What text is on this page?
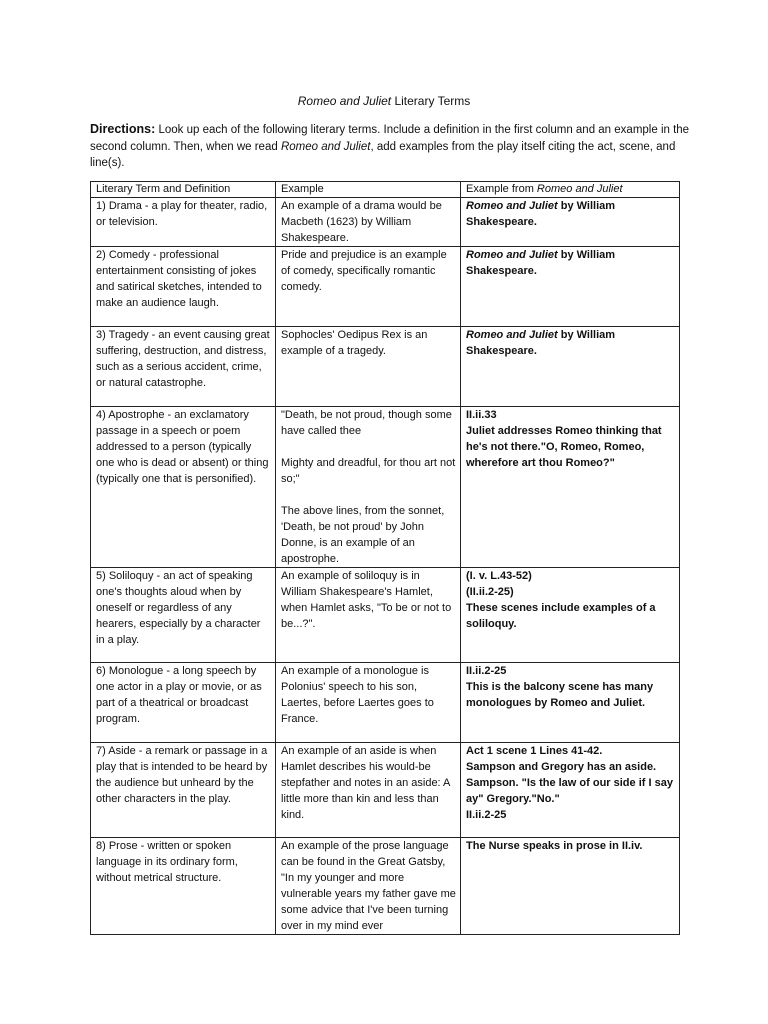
Romeo and Juliet Literary Terms
Directions: Look up each of the following literary terms. Include a definition in the first column and an example in the second column. Then, when we read Romeo and Juliet, add examples from the play itself citing the act, scene, and line(s).
Literary Term and Definition	Example	Example from Romeo and Juliet
1) Drama - a play for theater, radio, or television.	An example of a drama would be Macbeth (1623) by William Shakespeare.	Romeo and Juliet by William Shakespeare.
2) Comedy - professional entertainment consisting of jokes and satirical sketches, intended to make an audience laugh.	Pride and prejudice is an example of comedy, specifically romantic comedy.	Romeo and Juliet by William Shakespeare.
3) Tragedy - an event causing great suffering, destruction, and distress, such as a serious accident, crime, or natural catastrophe.	Sophocles' Oedipus Rex is an example of a tragedy.	Romeo and Juliet by William Shakespeare.
4) Apostrophe - an exclamatory passage in a speech or poem addressed to a person (typically one who is dead or absent) or thing (typically one that is personified).	"Death, be not proud, though some have called thee
Mighty and dreadful, for thou art not so;"
The above lines, from the sonnet, 'Death, be not proud' by John Donne, is an example of an apostrophe.	II.ii.33
Juliet addresses Romeo thinking that he's not there."O, Romeo, Romeo, wherefore art thou Romeo?"

5) Soliloquy - an act of speaking one's thoughts aloud when by oneself or regardless of any hearers, especially by a character in a play.	An example of soliloquy is in William Shakespeare's Hamlet, when Hamlet asks, "To be or not to be...?".	(I. v. L.43-52)
(II.ii.2-25)
These scenes include examples of a soliloquy.

6) Monologue - a long speech by one actor in a play or movie, or as part of a theatrical or broadcast program.	An example of a monologue is Polonius' speech to his son, Laertes, before Laertes goes to France.	II.ii.2-25
This is the balcony scene has many monologues by Romeo and Juliet.

7) Aside - a remark or passage in a play that is intended to be heard by the audience but unheard by the other characters in the play.	An example of an aside is when Hamlet describes his would-be stepfather and notes in an aside: A little more than kin and less than kind.	Act 1 scene 1 Lines 41-42.
Sampson and Gregory has an aside. Sampson. "Is the law of our side if I say ay" Gregory."No."
II.ii.2-25

8) Prose - written or spoken language in its ordinary form, without metrical structure.	An example of the prose language can be found in the Great Gatsby, "In my younger and more vulnerable years my father gave me some advice that I've been turning over in my mind ever	The Nurse speaks in prose in II.iv.
